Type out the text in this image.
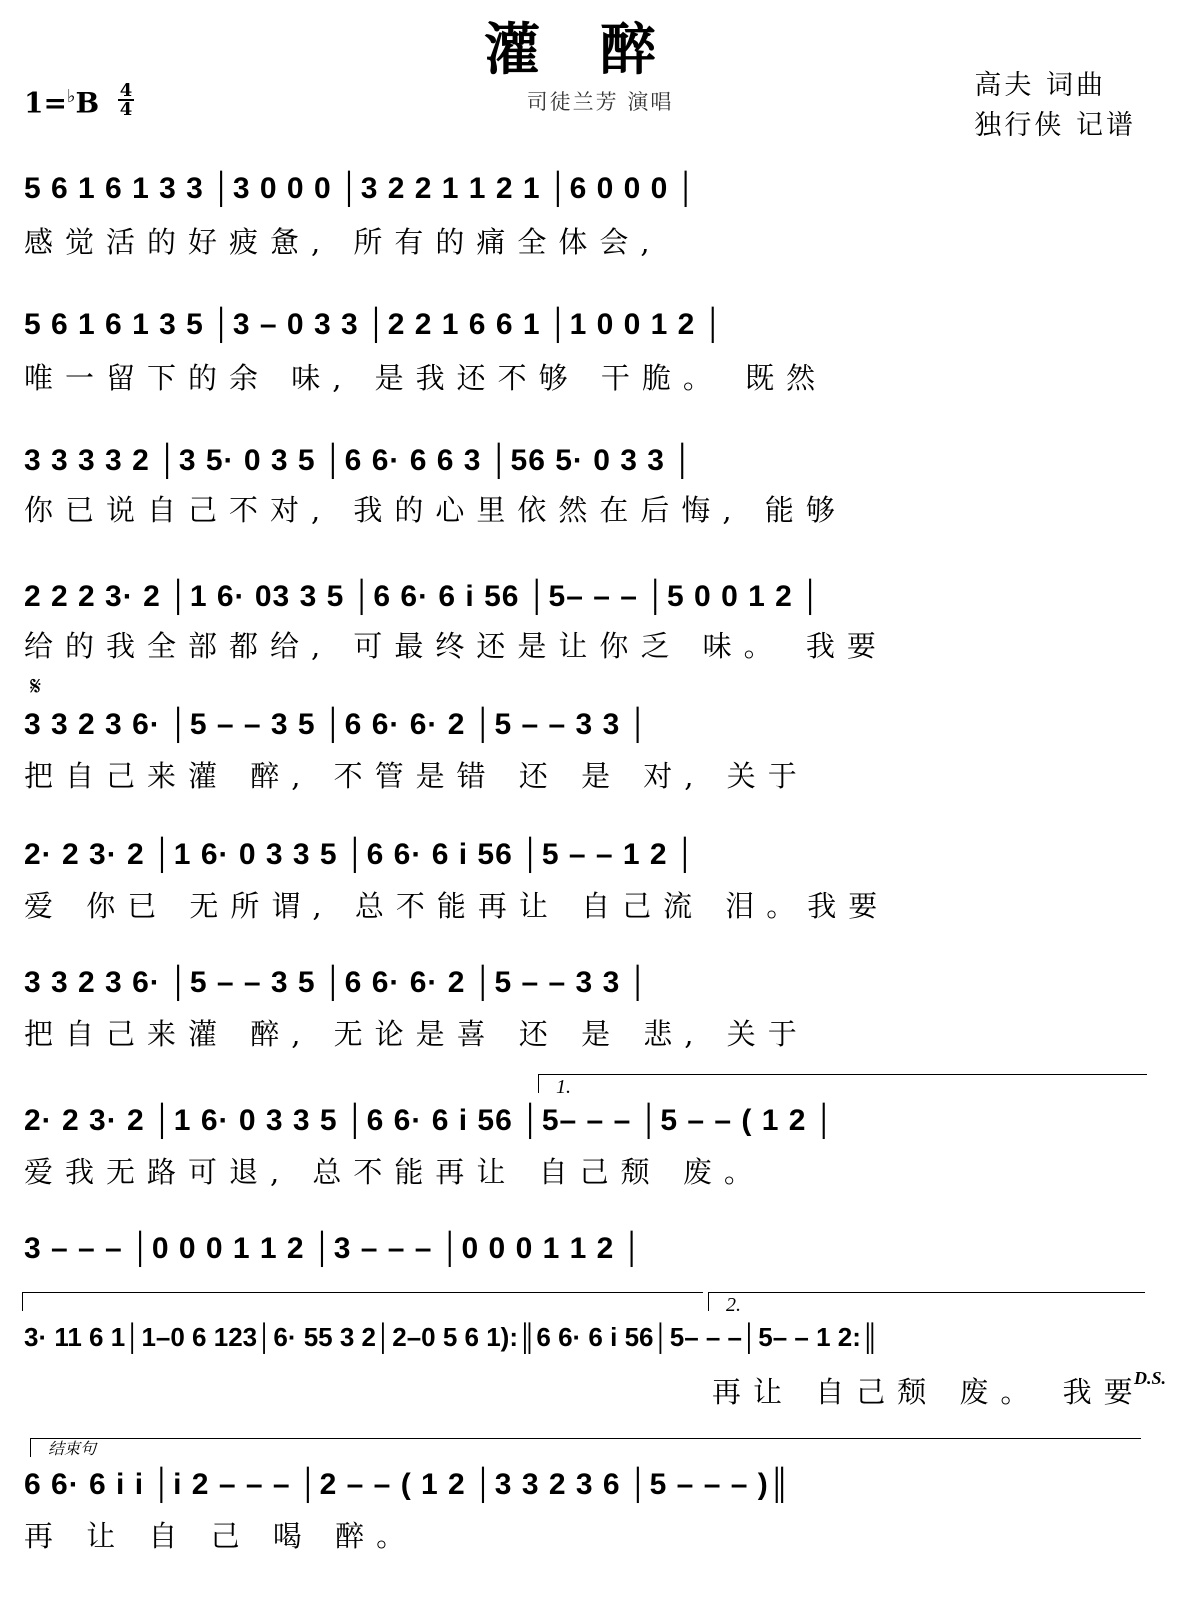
灌醉
司徒兰芳 演唱
1=♭B 4
4
高夫 词曲
独行侠 记谱
5 6 1 6 1 3 3 │3 0 0 0 │3 2 2 1 1 2 1 │6 0 0 0 │
感觉活的好疲惫, 所有的痛全体会,
5 6 1 6 1 3 5 │3 – 0 3 3 │2 2 1 6 6 1 │1 0 0 1 2 │
唯一留下的余 味, 是我还不够 干脆。 既然
3 3 3 3 2 │3 5· 0 3 5 │6 6· 6 6 3 │56 5· 0 3 3 │
你已说自己不对, 我的心里依然在后悔, 能够
2 2 2 3· 2 │1 6· 03 3 5 │6 6· 6 i 56 │5– – – │5 0 0 1 2 │
给的我全部都给, 可最终还是让你乏 味。 我要
𝄋
3 3 2 3 6· │5 – – 3 5 │6 6· 6· 2 │5 – – 3 3 │
把自己来灌 醉, 不管是错 还 是 对, 关于
2· 2 3· 2 │1 6· 0 3 3 5 │6 6· 6 i 56 │5 – – 1 2 │
爱 你已 无所谓, 总不能再让 自己流 泪。我要
3 3 2 3 6· │5 – – 3 5 │6 6· 6· 2 │5 – – 3 3 │
把自己来灌 醉, 无论是喜 还 是 悲, 关于
1.
2· 2 3· 2 │1 6· 0 3 3 5 │6 6· 6 i 56 │5– – – │5 – – ( 1 2 │
爱我无路可退, 总不能再让 自己颓 废。
3 – – – │0 0 0 1 1 2 │3 – – – │0 0 0 1 1 2 │
2.
3· 11 6 1│1–0 6 123│6· 55 3 2│2–0 5 6 1):║6 6· 6 i 56│5– – –│5– – 1 2:║
再让 自己颓 废。 我要
D.S.
结束句
6 6· 6 i i │i 2 – – – │2 – – ( 1 2 │3 3 2 3 6 │5 – – – )║
再 让 自 己 喝 醉。
